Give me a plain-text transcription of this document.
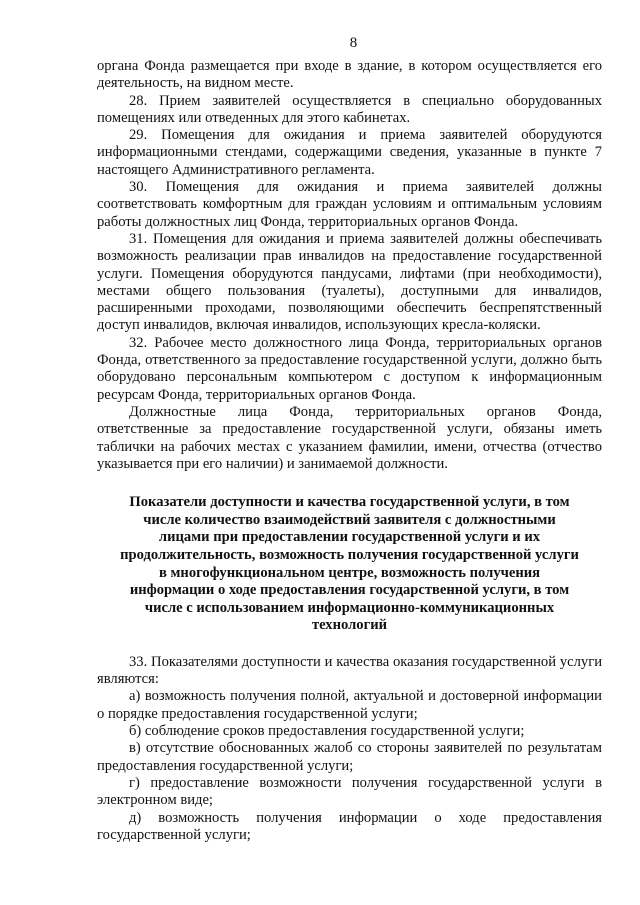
8

органа Фонда размещается при входе в здание, в котором осуществляется его деятельность, на видном месте.

28. Прием заявителей осуществляется в специально оборудованных помещениях или отведенных для этого кабинетах.

29. Помещения для ожидания и приема заявителей оборудуются информационными стендами, содержащими сведения, указанные в пункте 7 настоящего Административного регламента.

30. Помещения для ожидания и приема заявителей должны соответствовать комфортным для граждан условиям и оптимальным условиям работы должностных лиц Фонда, территориальных органов Фонда.

31. Помещения для ожидания и приема заявителей должны обеспечивать возможность реализации прав инвалидов на предоставление государственной услуги. Помещения оборудуются пандусами, лифтами (при необходимости), местами общего пользования (туалеты), доступными для инвалидов, расширенными проходами, позволяющими обеспечить беспрепятственный доступ инвалидов, включая инвалидов, использующих кресла-коляски.

32. Рабочее место должностного лица Фонда, территориальных органов Фонда, ответственного за предоставление государственной услуги, должно быть оборудовано персональным компьютером с доступом к информационным ресурсам Фонда, территориальных органов Фонда.

Должностные лица Фонда, территориальных органов Фонда, ответственные за предоставление государственной услуги, обязаны иметь таблички на рабочих местах с указанием фамилии, имени, отчества (отчество указывается при его наличии) и занимаемой должности.

Показатели доступности и качества государственной услуги, в том числе количество взаимодействий заявителя с должностными лицами при предоставлении государственной услуги и их продолжительность, возможность получения государственной услуги в многофункциональном центре, возможность получения информации о ходе предоставления государственной услуги, в том числе с использованием информационно-коммуникационных технологий

33. Показателями доступности и качества оказания государственной услуги являются:

а) возможность получения полной, актуальной и достоверной информации о порядке предоставления государственной услуги;

б) соблюдение сроков предоставления государственной услуги;

в) отсутствие обоснованных жалоб со стороны заявителей по результатам предоставления государственной услуги;

г) предоставление возможности получения государственной услуги в электронном виде;

д) возможность получения информации о ходе предоставления государственной услуги;
